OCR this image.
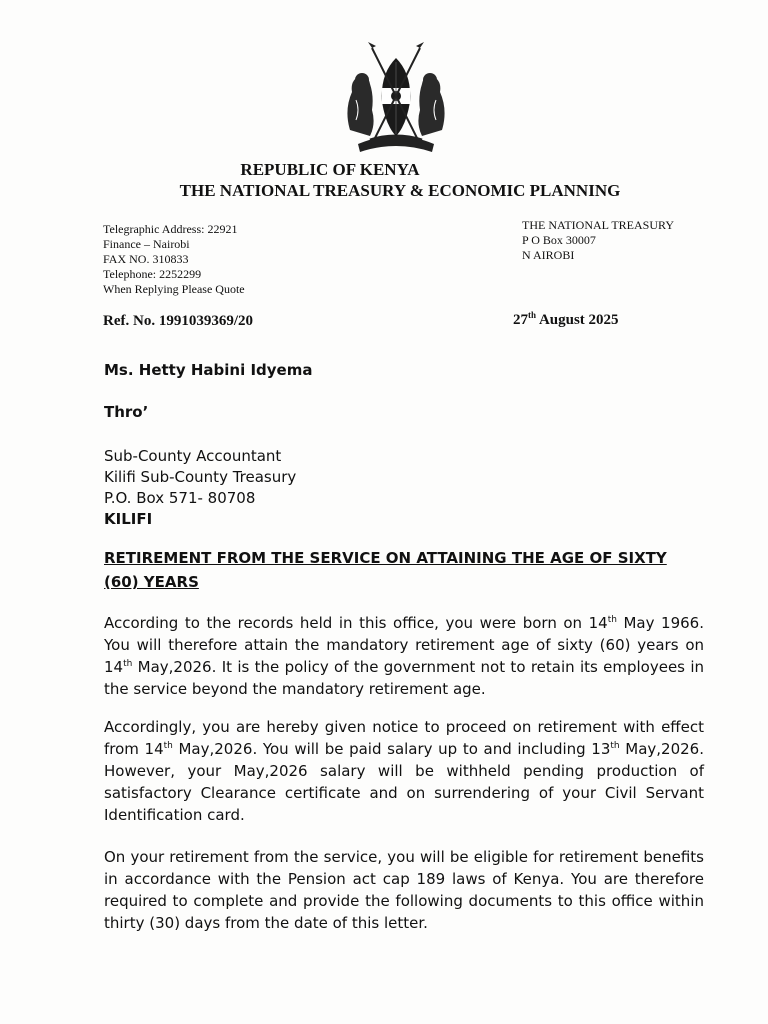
REPUBLIC OF KENYA
THE NATIONAL TREASURY & ECONOMIC PLANNING
Telegraphic Address: 22921
Finance – Nairobi
FAX NO. 310833
Telephone: 2252299
When Replying Please Quote
THE NATIONAL TREASURY
P O Box 30007
N AIROBI
Ref. No. 1991039369/20	27th August 2025
Ms. Hetty Habini Idyema
Thro’
Sub-County Accountant
Kilifi Sub-County Treasury
P.O. Box 571- 80708
KILIFI
RETIREMENT FROM THE SERVICE ON ATTAINING THE AGE OF SIXTY (60) YEARS
According to the records held in this office, you were born on 14th May 1966. You will therefore attain the mandatory retirement age of sixty (60) years on 14th May,2026. It is the policy of the government not to retain its employees in the service beyond the mandatory retirement age.
Accordingly, you are hereby given notice to proceed on retirement with effect from 14th May,2026. You will be paid salary up to and including 13th May,2026. However, your May,2026 salary will be withheld pending production of satisfactory Clearance certificate and on surrendering of your Civil Servant Identification card.
On your retirement from the service, you will be eligible for retirement benefits in accordance with the Pension act cap 189 laws of Kenya. You are therefore required to complete and provide the following documents to this office within thirty (30) days from the date of this letter.
